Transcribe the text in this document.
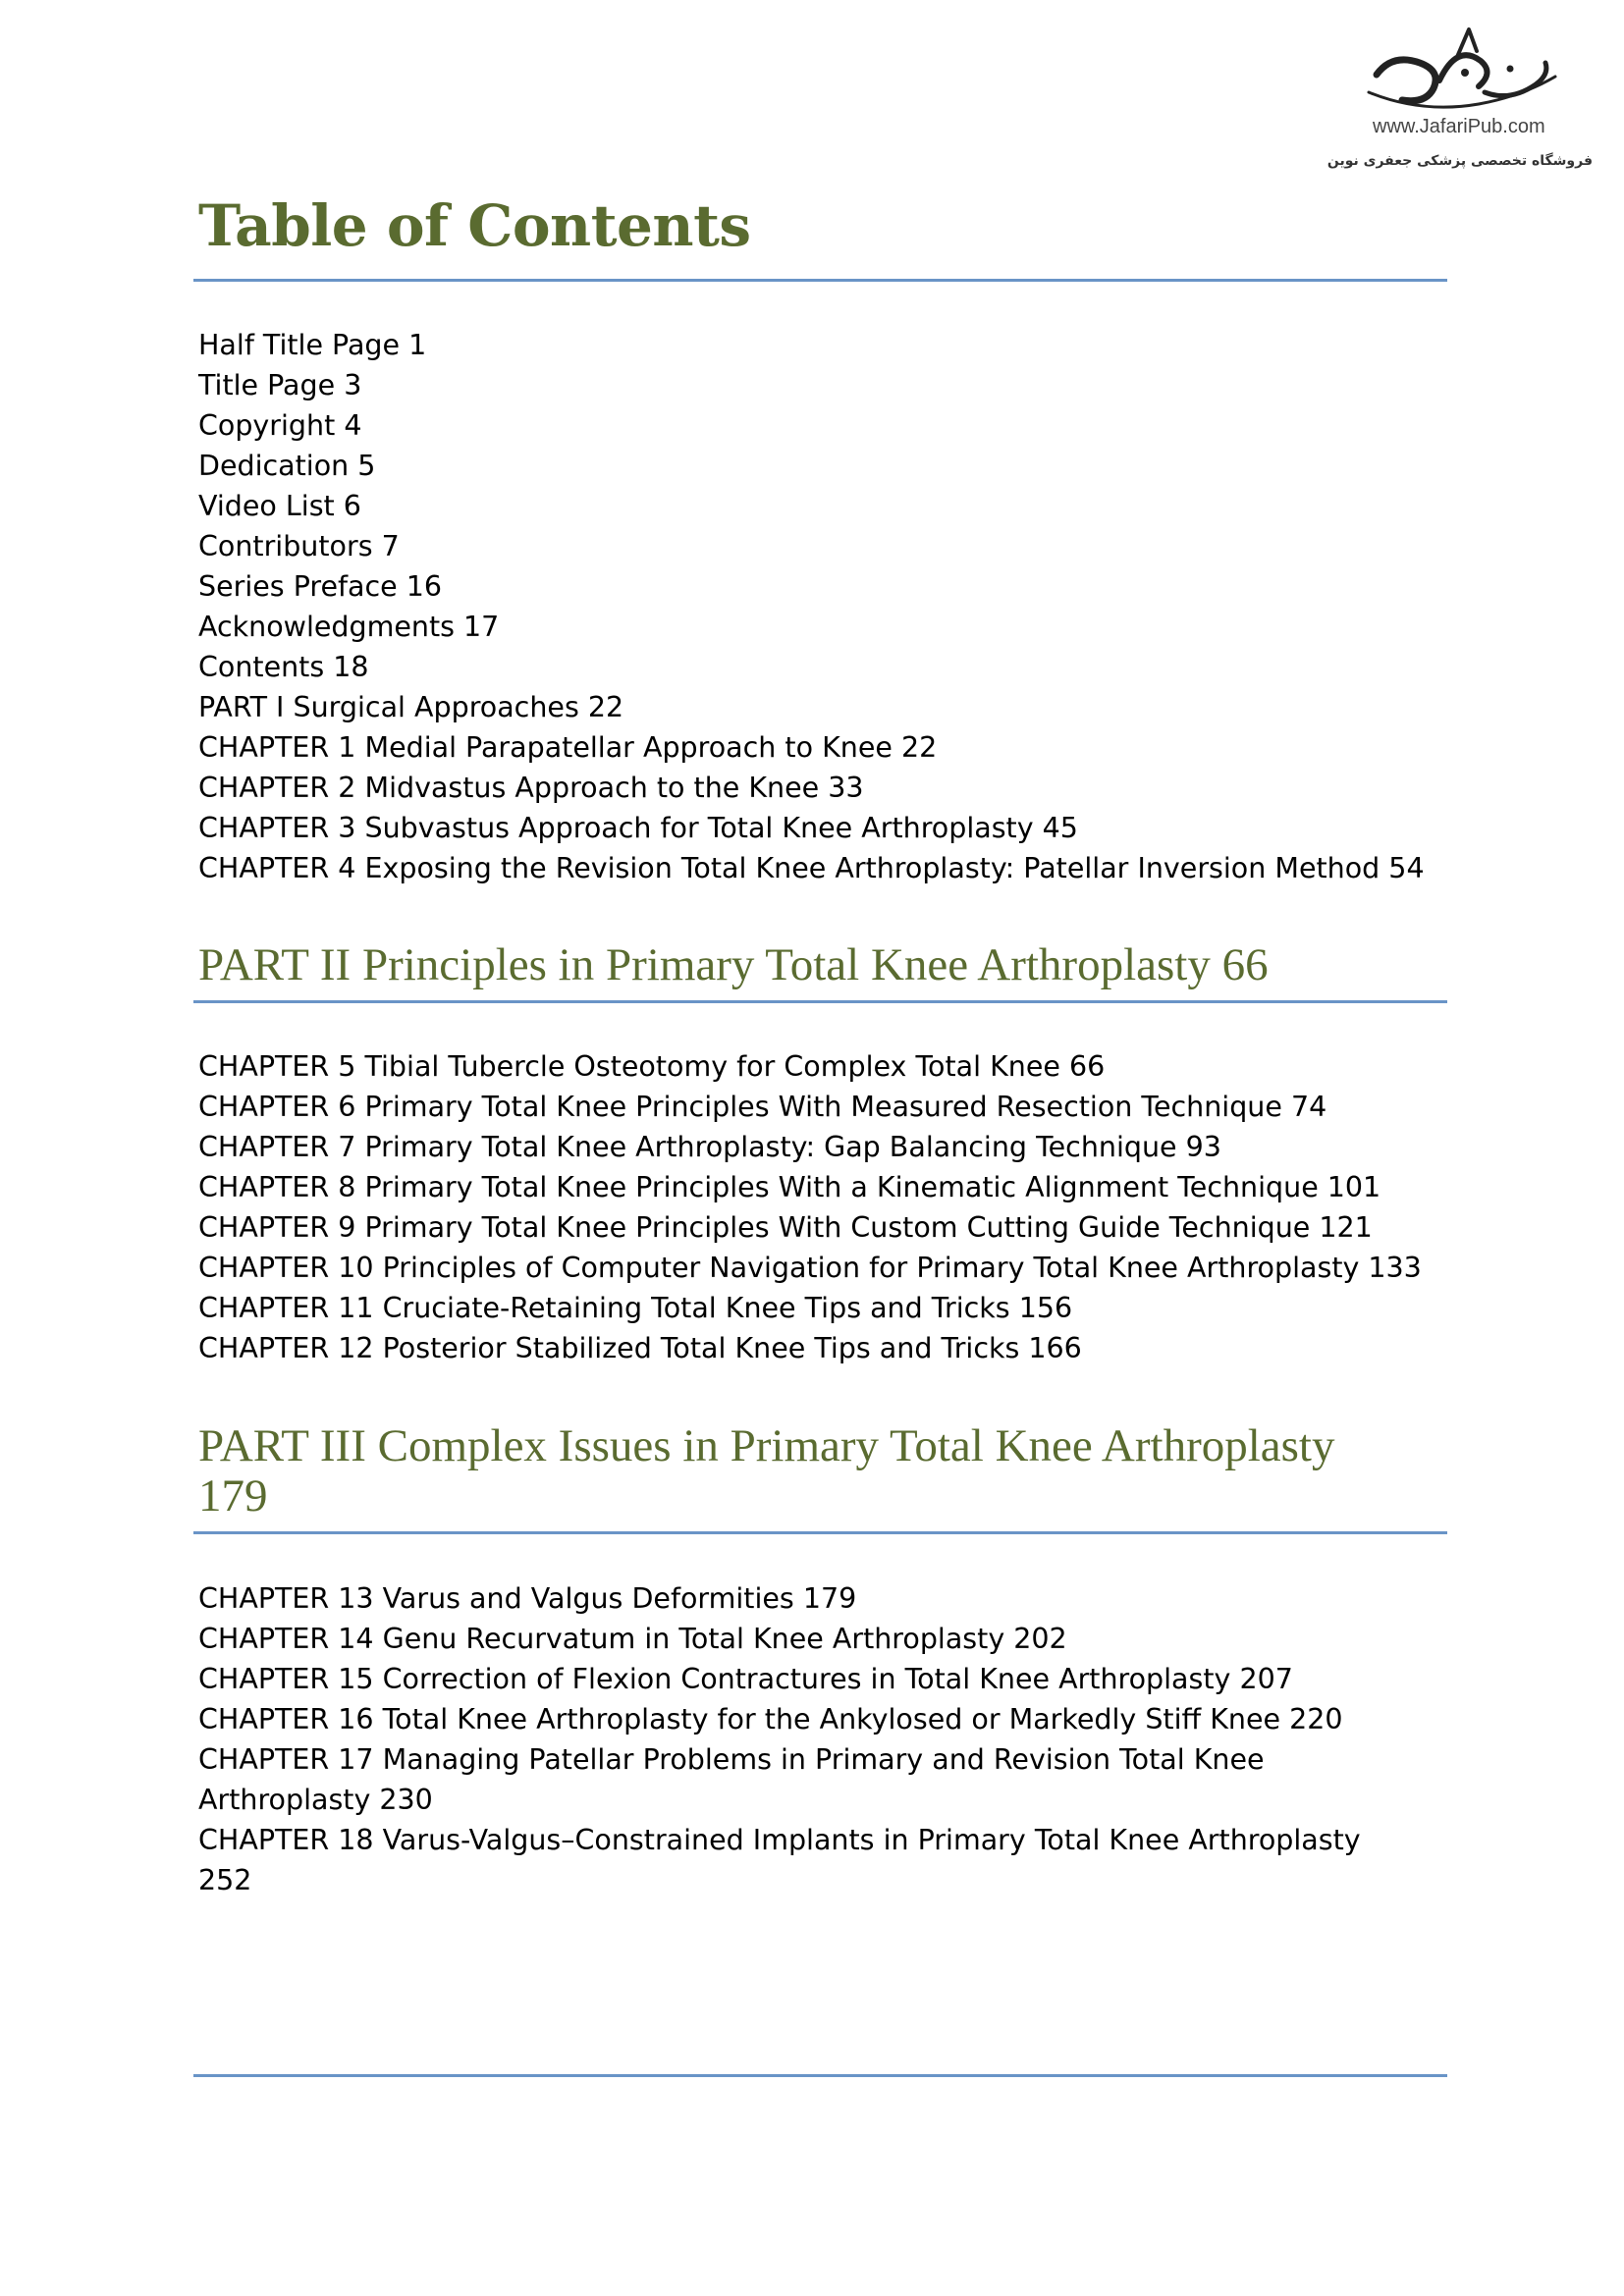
www.JafariPub.com
فروشگاه تخصصی پزشکی جعفری نوین
Table of Contents
Half Title Page 1
Title Page 3
Copyright 4
Dedication 5
Video List 6
Contributors 7
Series Preface 16
Acknowledgments 17
Contents 18
PART I Surgical Approaches 22
CHAPTER 1 Medial Parapatellar Approach to Knee 22
CHAPTER 2 Midvastus Approach to the Knee 33
CHAPTER 3 Subvastus Approach for Total Knee Arthroplasty 45
CHAPTER 4 Exposing the Revision Total Knee Arthroplasty: Patellar Inversion Method 54
PART II Principles in Primary Total Knee Arthroplasty 66
CHAPTER 5 Tibial Tubercle Osteotomy for Complex Total Knee 66
CHAPTER 6 Primary Total Knee Principles With Measured Resection Technique 74
CHAPTER 7 Primary Total Knee Arthroplasty: Gap Balancing Technique 93
CHAPTER 8 Primary Total Knee Principles With a Kinematic Alignment Technique 101
CHAPTER 9 Primary Total Knee Principles With Custom Cutting Guide Technique 121
CHAPTER 10 Principles of Computer Navigation for Primary Total Knee Arthroplasty 133
CHAPTER 11 Cruciate-Retaining Total Knee Tips and Tricks 156
CHAPTER 12 Posterior Stabilized Total Knee Tips and Tricks 166
PART III Complex Issues in Primary Total Knee Arthroplasty 179
CHAPTER 13 Varus and Valgus Deformities 179
CHAPTER 14 Genu Recurvatum in Total Knee Arthroplasty 202
CHAPTER 15 Correction of Flexion Contractures in Total Knee Arthroplasty 207
CHAPTER 16 Total Knee Arthroplasty for the Ankylosed or Markedly Stiff Knee 220
CHAPTER 17 Managing Patellar Problems in Primary and Revision Total Knee Arthroplasty 230
CHAPTER 18 Varus-Valgus–Constrained Implants in Primary Total Knee Arthroplasty 252
